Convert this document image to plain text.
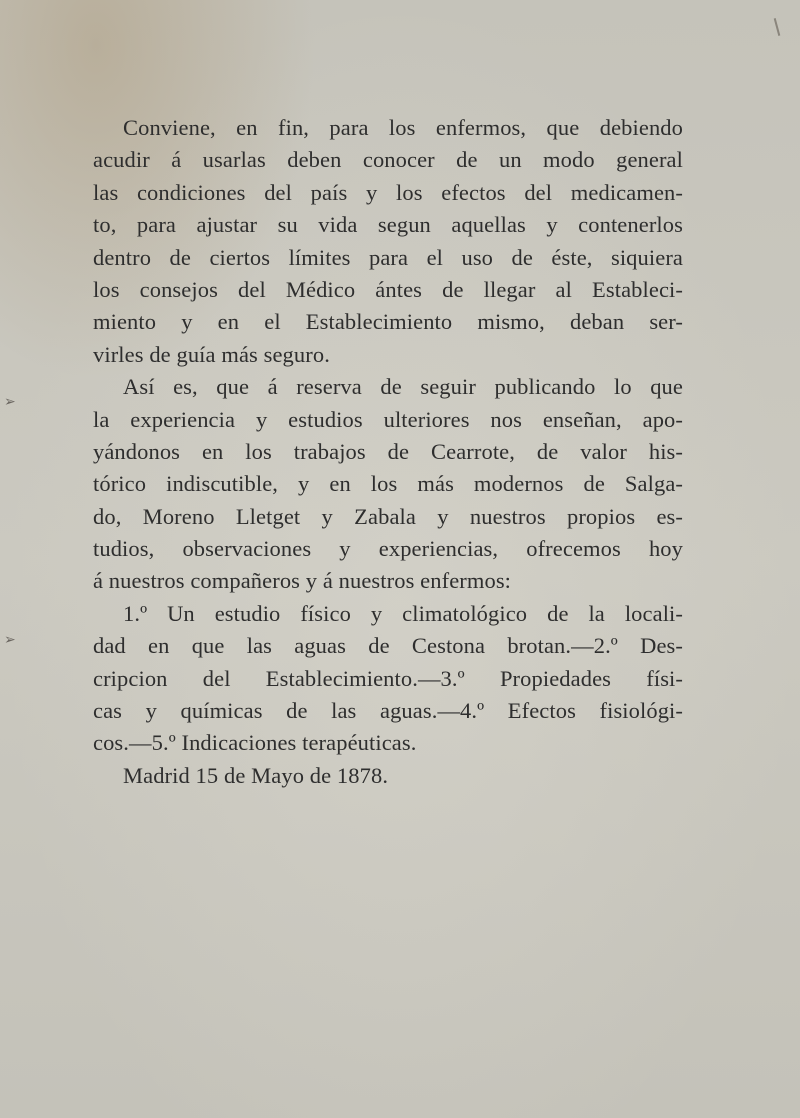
➢
➢
Conviene, en fin, para los enfermos, que debiendo
acudir á usarlas deben conocer de un modo general
las condiciones del país y los efectos del medicamen-
to, para ajustar su vida segun aquellas y contenerlos
dentro de ciertos límites para el uso de éste, siquiera
los consejos del Médico ántes de llegar al Estableci-
miento y en el Establecimiento mismo, deban ser-
virles de guía más seguro.
Así es, que á reserva de seguir publicando lo que
la experiencia y estudios ulteriores nos enseñan, apo-
yándonos en los trabajos de Cearrote, de valor his-
tórico indiscutible, y en los más modernos de Salga-
do, Moreno Lletget y Zabala y nuestros propios es-
tudios, observaciones y experiencias, ofrecemos hoy
á nuestros compañeros y á nuestros enfermos:
1.º Un estudio físico y climatológico de la locali-
dad en que las aguas de Cestona brotan.—2.º Des-
cripcion del Establecimiento.—3.º Propiedades físi-
cas y químicas de las aguas.—4.º Efectos fisiológi-
cos.—5.º Indicaciones terapéuticas.
Madrid 15 de Mayo de 1878.
